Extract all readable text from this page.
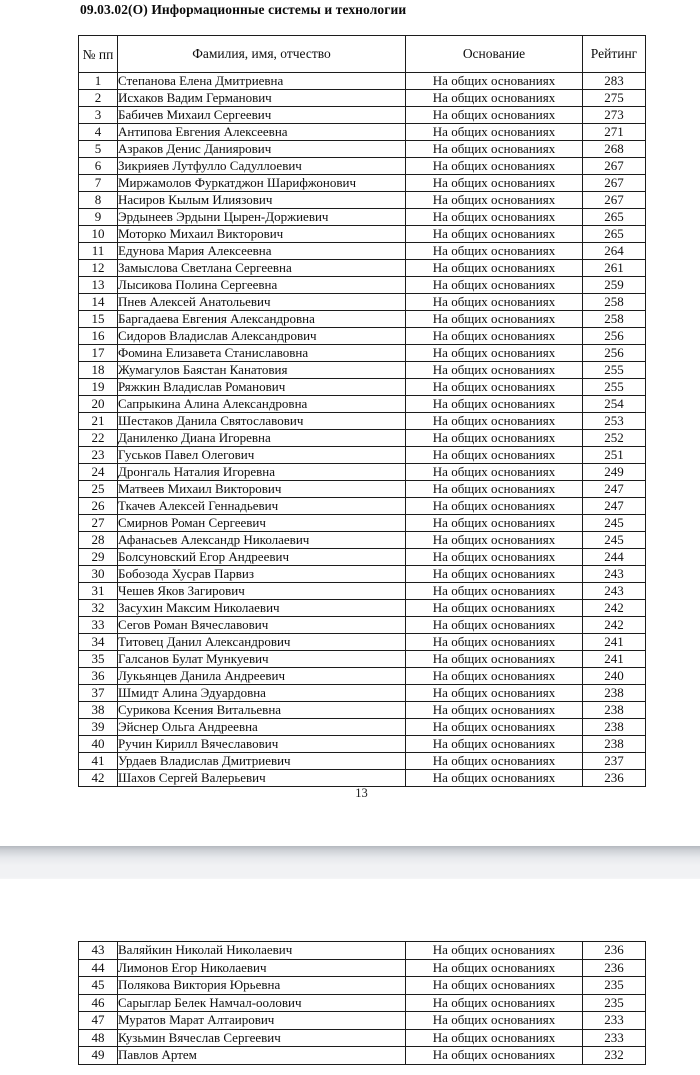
09.03.02(О) Информационные системы и технологии
№ пп	Фамилия, имя, отчество	Основание	Рейтинг
1	Степанова Елена Дмитриевна	На общих основаниях	283
2	Исхаков Вадим Германович	На общих основаниях	275
3	Бабичев Михаил Сергеевич	На общих основаниях	273
4	Антипова Евгения Алексеевна	На общих основаниях	271
5	Азраков Денис Даниярович	На общих основаниях	268
6	Зикрияев Лутфулло Садуллоевич	На общих основаниях	267
7	Миржамолов Фуркатджон Шарифжонович	На общих основаниях	267
8	Насиров Кылым Илиязович	На общих основаниях	267
9	Эрдынеев Эрдыни Цырен-Доржиевич	На общих основаниях	265
10	Моторко Михаил Викторович	На общих основаниях	265
11	Едунова Мария Алексеевна	На общих основаниях	264
12	Замыслова Светлана Сергеевна	На общих основаниях	261
13	Лысикова Полина Сергеевна	На общих основаниях	259
14	Пнев Алексей Анатольевич	На общих основаниях	258
15	Баргадаева Евгения Александровна	На общих основаниях	258
16	Сидоров Владислав Александрович	На общих основаниях	256
17	Фомина Елизавета Станиславовна	На общих основаниях	256
18	Жумагулов Баястан Канатовия	На общих основаниях	255
19	Ряжкин Владислав Романович	На общих основаниях	255
20	Сапрыкина Алина Александровна	На общих основаниях	254
21	Шестаков Данила Святославович	На общих основаниях	253
22	Даниленко Диана Игоревна	На общих основаниях	252
23	Гуськов Павел Олегович	На общих основаниях	251
24	Дронгаль Наталия Игоревна	На общих основаниях	249
25	Матвеев Михаил Викторович	На общих основаниях	247
26	Ткачев Алексей Геннадьевич	На общих основаниях	247
27	Смирнов Роман Сергеевич	На общих основаниях	245
28	Афанасьев Александр Николаевич	На общих основаниях	245
29	Болсуновский Егор Андреевич	На общих основаниях	244
30	Бобозода Хусрав Парвиз	На общих основаниях	243
31	Чешев Яков Загирович	На общих основаниях	243
32	Засухин Максим Николаевич	На общих основаниях	242
33	Сегов Роман Вячеславович	На общих основаниях	242
34	Титовец Данил Александрович	На общих основаниях	241
35	Галсанов Булат Мункуевич	На общих основаниях	241
36	Лукьянцев Данила Андреевич	На общих основаниях	240
37	Шмидт Алина Эдуардовна	На общих основаниях	238
38	Сурикова Ксения Витальевна	На общих основаниях	238
39	Эйснер Ольга Андреевна	На общих основаниях	238
40	Ручин Кирилл Вячеславович	На общих основаниях	238
41	Урдаев Владислав Дмитриевич	На общих основаниях	237
42	Шахов Сергей Валерьевич	На общих основаниях	236
13
43	Валяйкин Николай Николаевич	На общих основаниях	236
44	Лимонов Егор Николаевич	На общих основаниях	236
45	Полякова Виктория Юрьевна	На общих основаниях	235
46	Сарыглар Белек Намчал-оолович	На общих основаниях	235
47	Муратов Марат Алтаирович	На общих основаниях	233
48	Кузьмин Вячеслав Сергеевич	На общих основаниях	233
49	Павлов Артем	На общих основаниях	232
